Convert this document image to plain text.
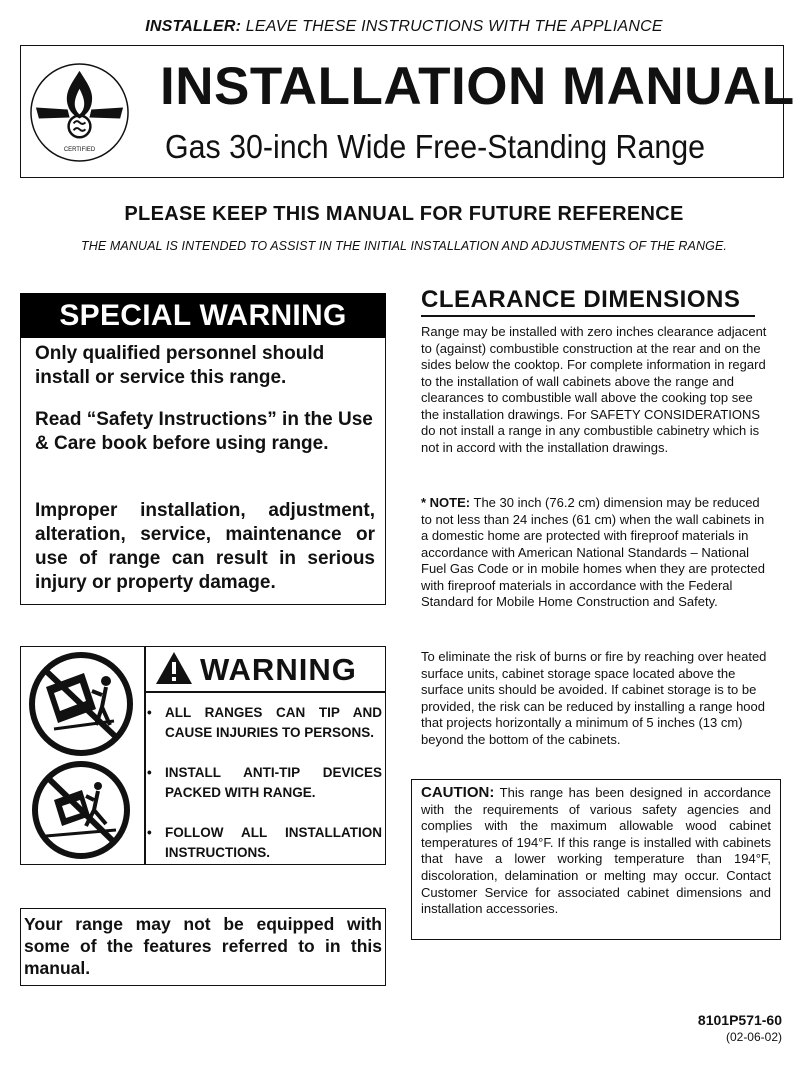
INSTALLER: LEAVE THESE INSTRUCTIONS WITH THE APPLIANCE
CERTIFIED
INSTALLATION MANUAL
Gas 30-inch Wide Free-Standing Range
PLEASE KEEP THIS MANUAL FOR FUTURE REFERENCE
THE MANUAL IS INTENDED TO ASSIST IN THE INITIAL INSTALLATION AND ADJUSTMENTS OF THE RANGE.
SPECIAL WARNING
Only qualified personnel should install or service this range.
Read “Safety Instructions” in the Use & Care book before using range.
Improper installation, adjustment, alteration, service, maintenance or use of range can result in serious injury or property damage.
WARNING
• ALL RANGES CAN TIP AND CAUSE INJURIES TO PERSONS.
• INSTALL ANTI-TIP DEVICES PACKED WITH RANGE.
• FOLLOW ALL INSTALLATION INSTRUCTIONS.
Your range may not be equipped with some of the features referred to in this manual.
CLEARANCE DIMENSIONS
Range may be installed with zero inches clearance adjacent to (against) combustible construction at the rear and on the sides below the cooktop. For complete information in regard to the installation of wall cabinets above the range and clearances to combustible wall above the cooking top see the installation drawings. For SAFETY CONSIDERATIONS do not install a range in any combustible cabinetry which is not in accord with the installation drawings.
* NOTE: The 30 inch (76.2 cm) dimension may be reduced to not less than 24 inches (61 cm) when the wall cabinets in a domestic home are protected with fireproof materials in accordance with American National Standards – National Fuel Gas Code or in mobile homes when they are protected with fireproof materials in accordance with the Federal Standard for Mobile Home Construction and Safety.
To eliminate the risk of burns or fire by reaching over heated surface units, cabinet storage space located above the surface units should be avoided. If cabinet storage is to be provided, the risk can be reduced by installing a range hood that projects horizontally a minimum of 5 inches (13 cm) beyond the bottom of the cabinets.
CAUTION: This range has been designed in accordance with the requirements of various safety agencies and complies with the maximum allowable wood cabinet temperatures of 194°F. If this range is installed with cabinets that have a lower working temperature than 194°F, discoloration, delamination or melting may occur. Contact Customer Service for associated cabinet dimensions and installation accessories.
8101P571-60
(02-06-02)
